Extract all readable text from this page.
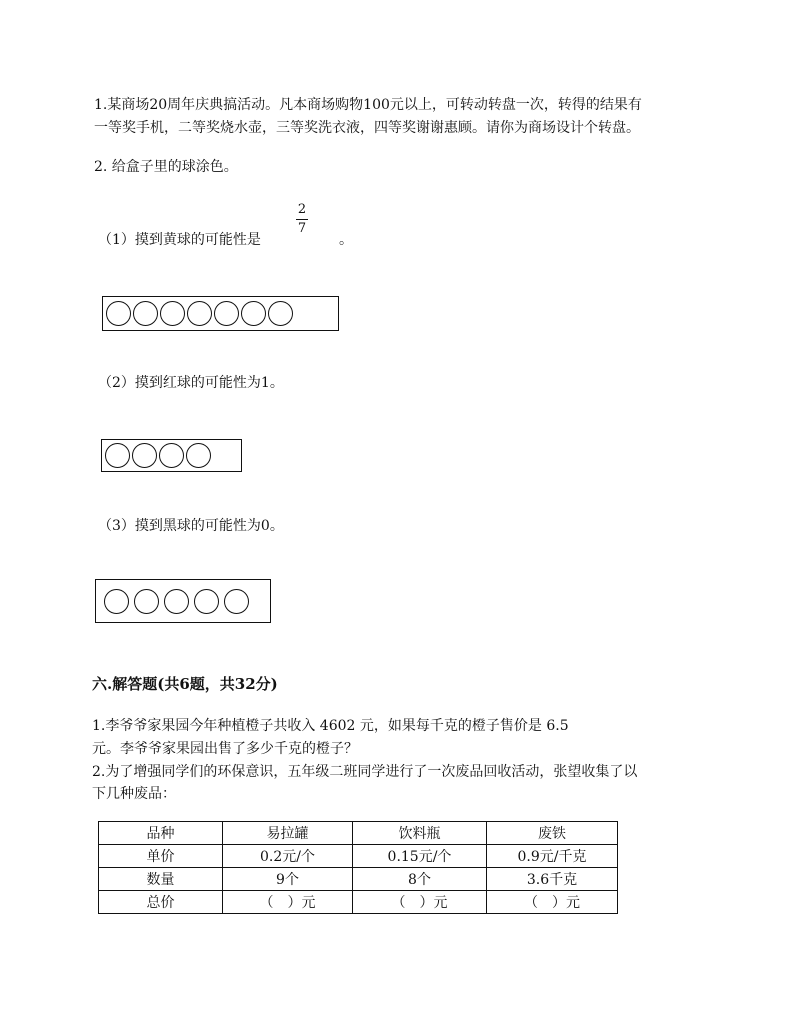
1.某商场20周年庆典搞活动。凡本商场购物100元以上，可转动转盘一次，转得的结果有
一等奖手机，二等奖烧水壶，三等奖洗衣液，四等奖谢谢惠顾。请你为商场设计个转盘。
2. 给盒子里的球涂色。
（1）摸到黄球的可能性是
2
7
。
（2）摸到红球的可能性为1。
（3）摸到黑球的可能性为0。
六.解答题(共6题，共32分)
1.李爷爷家果园今年种植橙子共收入 4602 元，如果每千克的橙子售价是 6.5
元。李爷爷家果园出售了多少千克的橙子？
2.为了增强同学们的环保意识，五年级二班同学进行了一次废品回收活动，张望收集了以
下几种废品：
品种	易拉罐	饮料瓶	废铁
单价	0.2元/个	0.15元/个	0.9元/千克
数量	9个	8个	3.6千克
总价	（　）元	（　）元	（　）元
